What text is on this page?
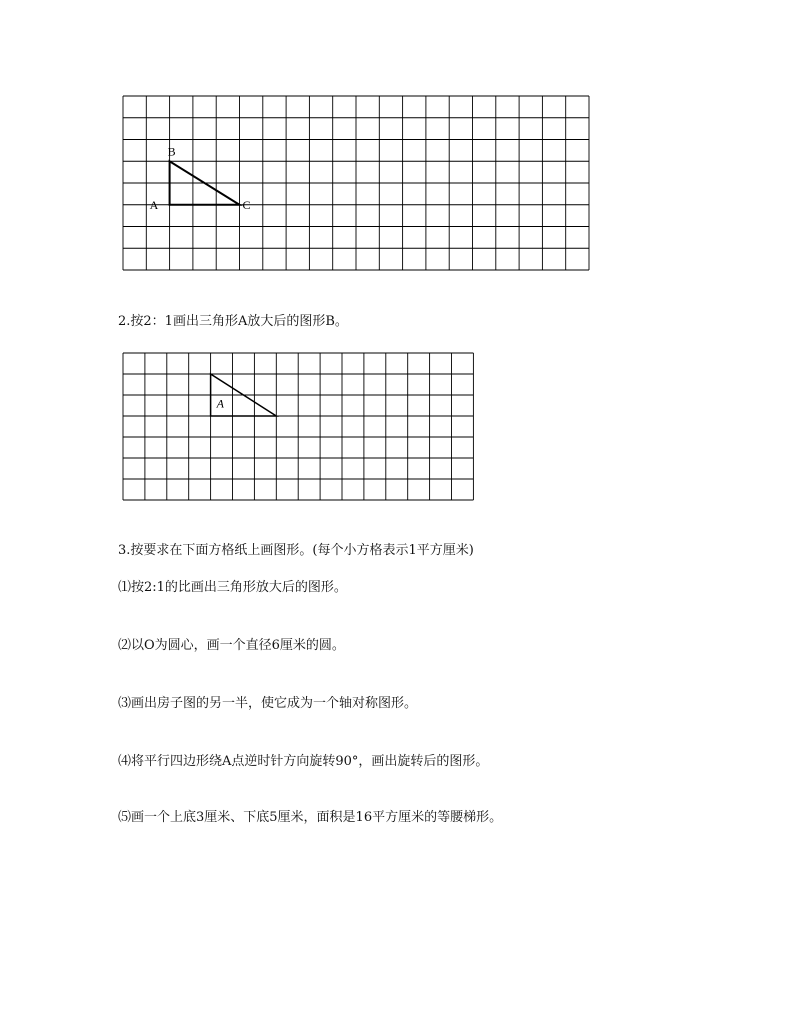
B
A	C
2.按2：1画出三角形A放大后的图形B。
A
3.按要求在下面方格纸上画图形。(每个小方格表示1平方厘米)
⑴按2:1的比画出三角形放大后的图形。
⑵以O为圆心，画一个直径6厘米的圆。
⑶画出房子图的另一半，使它成为一个轴对称图形。
⑷将平行四边形绕A点逆时针方向旋转90°，画出旋转后的图形。
⑸画一个上底3厘米、下底5厘米，面积是16平方厘米的等腰梯形。
